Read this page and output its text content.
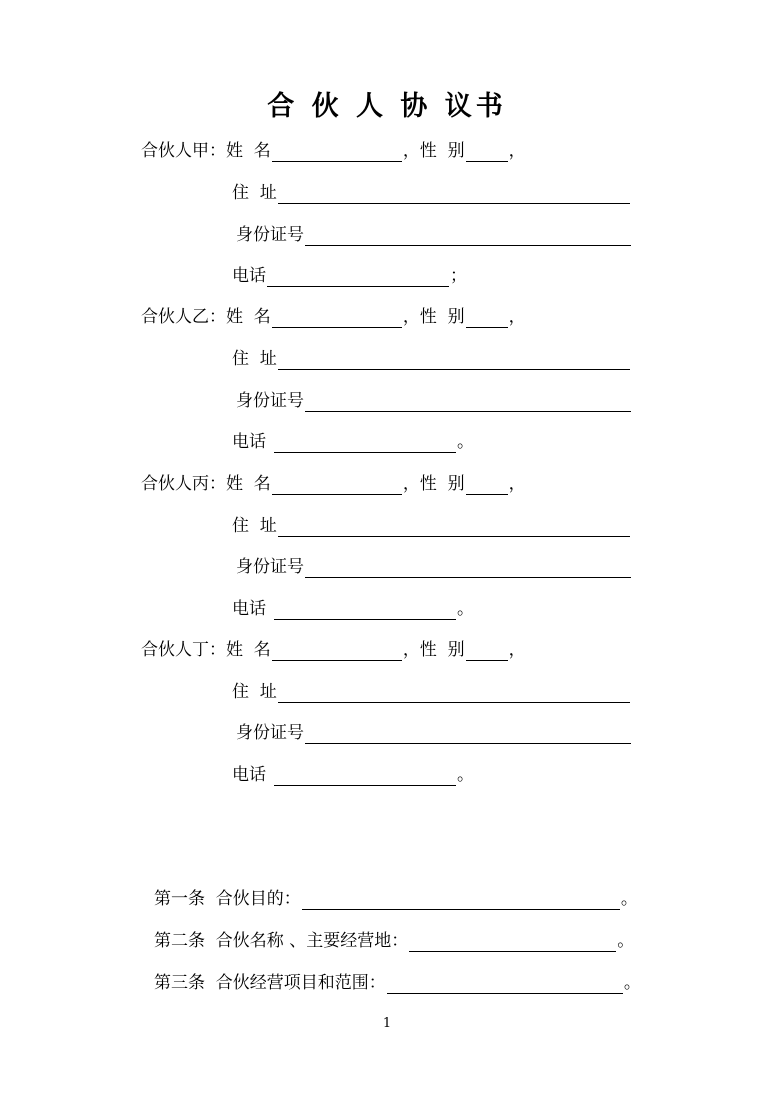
合 伙 人 协 议书
合伙人甲： 姓  名	，性  别	，
住  址
身份证号
电话	；
合伙人乙： 姓  名	，性  别	，
住  址
身份证号
电话	。
合伙人丙： 姓  名	，性  别	，
住  址
身份证号
电话	。
合伙人丁： 姓  名	，性  别	，
住  址
身份证号
电话	。
第一条  合伙目的：	。
第二条  合伙名称 、主要经营地：	。
第三条  合伙经营项目和范围：	。
1
